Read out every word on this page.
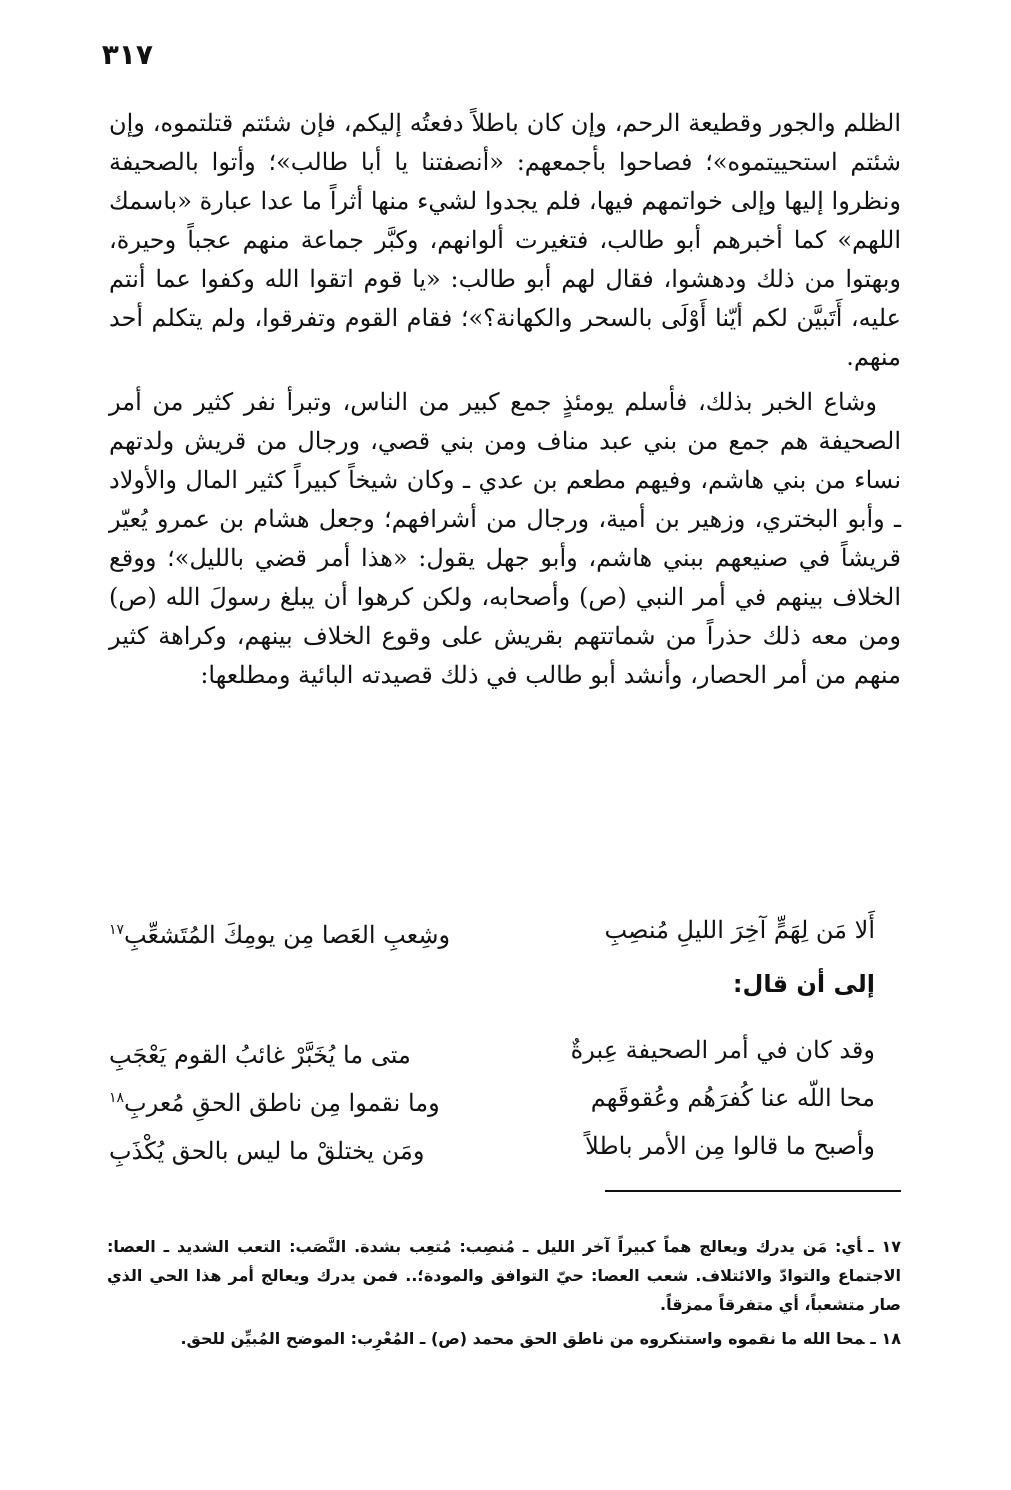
٣١٧

الظلم والجور وقطيعة الرحم، وإن كان باطلاً دفعتُه إليكم، فإن شئتم قتلتموه، وإن شئتم استحييتموه»؛ فصاحوا بأجمعهم: «أنصفتنا يا أبا طالب»؛ وأتوا بالصحيفة ونظروا إليها وإلى خواتمهم فيها، فلم يجدوا لشيء منها أثراً ما عدا عبارة «باسمك اللهم» كما أخبرهم أبو طالب، فتغيرت ألوانهم، وكبَّر جماعة منهم عجباً وحيرة، وبهتوا من ذلك ودهشوا، فقال لهم أبو طالب: «يا قوم اتقوا الله وكفوا عما أنتم عليه، أَتَبيَّن لكم أيّنا أَوْلَى بالسحر والكهانة؟»؛ فقام القوم وتفرقوا، ولم يتكلم أحد منهم.

وشاع الخبر بذلك، فأسلم يومئذٍ جمع كبير من الناس، وتبرأ نفر كثير من أمر الصحيفة هم جمع من بني عبد مناف ومن بني قصي، ورجال من قريش ولدتهم نساء من بني هاشم، وفيهم مطعم بن عدي ـ وكان شيخاً كبيراً كثير المال والأولاد ـ وأبو البختري، وزهير بن أمية، ورجال من أشرافهم؛ وجعل هشام بن عمرو يُعيّر قريشاً في صنيعهم ببني هاشم، وأبو جهل يقول: «هذا أمر قضي بالليل»؛ ووقع الخلاف بينهم في أمر النبي (ص) وأصحابه، ولكن كرهوا أن يبلغ رسولَ الله (ص) ومن معه ذلك حذراً من شماتتهم بقريش على وقوع الخلاف بينهم، وكراهة كثير منهم من أمر الحصار، وأنشد أبو طالب في ذلك قصيدته البائية ومطلعها:

أَلا مَن لِهَمٍّ آخِرَ الليلِ مُنصِبِ
وشِعبِ العَصا مِن يومِكَ المُتَشعِّبِ$^{١٧}$
إلى أن قال:
وقد كان في أمر الصحيفة عِبرةٌ
متى ما يُخَبَّرْ غائبُ القوم يَعْجَبِ
محا اللّه عنا كُفرَهُم وعُقوقَهم
وما نقموا مِن ناطق الحقِ مُعربِ$^{١٨}$
وأصبح ما قالوا مِن الأمر باطلاً
ومَن يختلقْ ما ليس بالحق يُكْذَبِ

١٧ ـأي: مَن يدرك ويعالج هماً كبيراً آخر الليل ـ مُنصِب: مُتعِب بشدة. النَّصَب: التعب الشديد ـ العصا: الاجتماع والتوادّ والائتلاف. شعب العصا: حيّ التوافق والمودة؛.. فمن يدرك ويعالج أمر هذا الحي الذي صار متشعباً، أي متفرقاً ممزقاً.

١٨ ـمحا الله ما نقموه واستنكروه من ناطق الحق محمد (ص) ـ المُعْرِب: الموضح المُبيِّن للحق.
